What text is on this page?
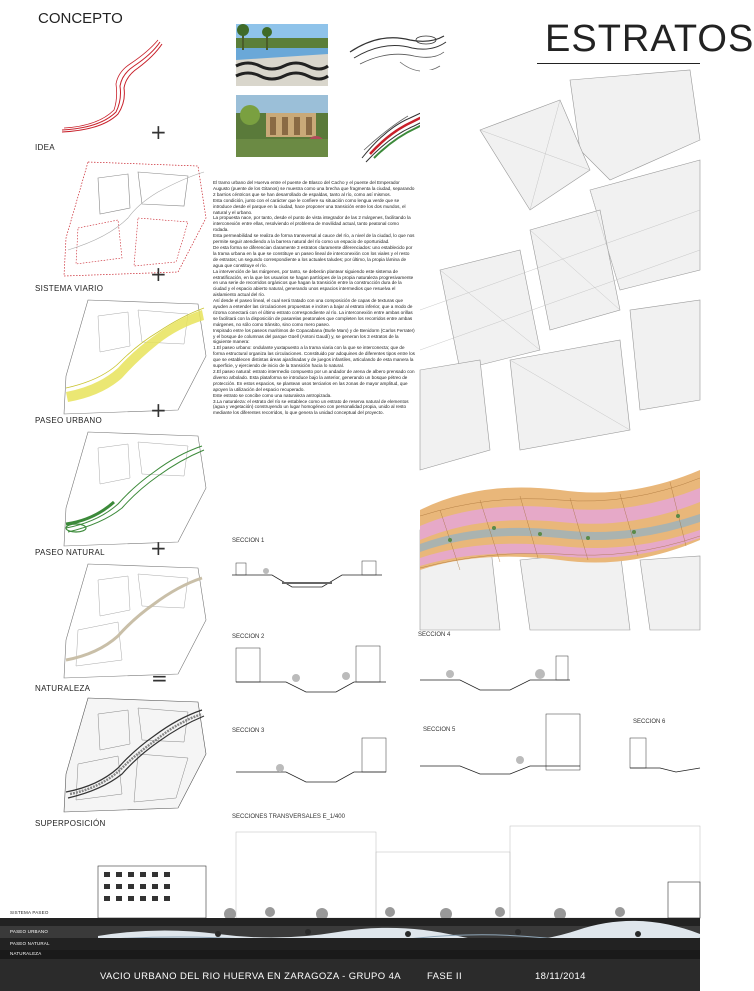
CONCEPTO	ESTRATOS
+
IDEA
+
SISTEMA VIARIO
+
PASEO URBANO
+
PASEO NATURAL
=
NATURALEZA
SUPERPOSICIÓN

El tramo urbano del Huerva entre el puente de Blasco del Cacho y el puente del Emperador Augusto (puente de los Gitanos) se muestra como una brecha que fragmenta la ciudad, separando 2 barrios céntricos que se han desarrollado de espaldas, tanto al río, como así mismos.

Esta condición, junto con el carácter que le confiere su situación como lengua verde que se introduce desde el parque en la ciudad, hace proponer una transición entre los dos mundos, el natural y el urbano.

La propuesta nace, por tanto, desde el punto de vista integrador de las 2 márgenes, facilitando la interconexión entre ellas, resolviendo el problema de movilidad actual, tanto peatonal como rodada.

Esta permeabilidad se realiza de forma transversal al cauce del río, a nivel de la ciudad, lo que nos permite seguir atendiendo a la barrera natural del río como un espacio de oportunidad.

De esta forma se diferencian claramente 3 estratos claramente diferenciados: uno establecido por la trama urbana en la que se constituye un paseo lineal de interconexión con los viales y el resto de estratos; un segundo correspondiente a los actuales taludes; por último, la propia lámina de agua que constituye el río.

La intervención de las márgenes, por tanto, se deberán plantear siguiendo este sistema de estratificación, en la que los usuarios se hagan partícipes de la propia naturaleza progresivamente en una serie de recorridos orgánicos que hagan la transición entre la construcción dura de la ciudad y el espacio abierto natural, generando unos espacios intermedios que resuelva el aislamiento actual del río.

Así desde el paseo lineal, el cual será tratado con una composición de capas de texturas que ayuden a entender las circulaciones propuestas e inciten a bajar al estrato inferior, que a modo de rizoma conectará con el último estrato correspondiente al río. La interconexión entre ambas orillas se facilitará con la disposición de pasarelas peatonales que completen los recorridos entre ambas márgenes, no sólo como tránsito, sino como mero paseo.

Inspirado entre los paseos marítimos de Copacabana (Burle Marx) y de Benidorm (Carlos Ferrater) y el bosque de columnas del parque Güell (Antoni Gaudí) y, se generan los 3 estratos de la siguiente manera:

1.El paseo urbano: ondulante yuxtapuesto a la trama viaria con la que se interconecta; que de forma estructural organiza las circulaciones. Constituido por adoquines de diferentes tipos entre los que se establecen distintas áreas ajardinadas y de juegos infantiles, articulando de esta manera la superficie, y ejerciendo de inicio de la transición hacia lo natural.

2.El paseo natural: estrato intermedio compuesto por un andador de arena de albero prensado con diverso arbolado. Esta plataforma se introduce bajo la anterior, generando un bosque pétreo de protección. En estos espacios, se plantean usos terciarios en las zonas de mayor amplitud, que apoyen la utilización del espacio recuperado.

Este estrato se concibe como una naturaleza antropizada.

3.La naturaleza: el estrato del río se establece como un estrato de reserva natural de elementos (agua y vegetación) construyendo un lugar homogéneo con personalidad propia, unido al resto mediante los diferentes recorridos, lo que genera la unidad conceptual del proyecto.

SECCION 1
SECCION 2	SECCION 4
SECCION 3	SECCION 5
SECCION 6
SECCIONES TRANSVERSALES E_1/400
SISTEMA PASEO
PASEO URBANO
PASEO NATURAL
NATURALEZA
VACIO URBANO DEL RIO HUERVA EN ZARAGOZA - GRUPO 4A	FASE II	18/11/2014
